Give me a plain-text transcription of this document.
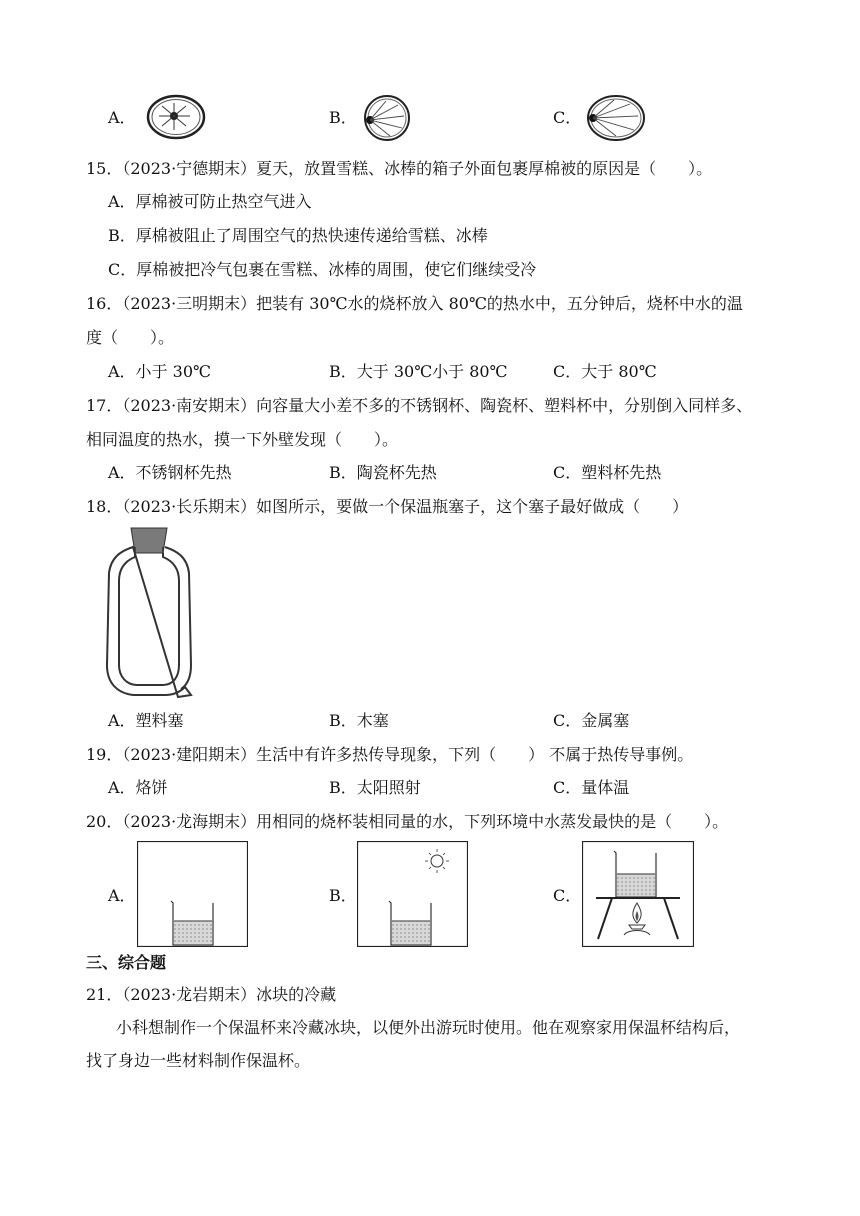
A．	B．	C．
15．（2023·宁德期末）夏天，放置雪糕、冰棒的箱子外面包裹厚棉被的原因是（　　）。
A．厚棉被可防止热空气进入
B．厚棉被阻止了周围空气的热快速传递给雪糕、冰棒
C．厚棉被把冷气包裹在雪糕、冰棒的周围，使它们继续受冷
16．（2023·三明期末）把装有 30℃水的烧杯放入 80℃的热水中，五分钟后，烧杯中水的温
度（　　）。
A．小于 30℃	B．大于 30℃小于 80℃	C．大于 80℃
17．（2023·南安期末）向容量大小差不多的不锈钢杯、陶瓷杯、塑料杯中，分别倒入同样多、
相同温度的热水，摸一下外壁发现（　　）。
A．不锈钢杯先热	B．陶瓷杯先热	C．塑料杯先热
18．（2023·长乐期末）如图所示，要做一个保温瓶塞子，这个塞子最好做成（　　）
A．塑料塞	B．木塞	C．金属塞
19．（2023·建阳期末）生活中有许多热传导现象，下列（　　） 不属于热传导事例。
A．烙饼	B．太阳照射	C．量体温
20．（2023·龙海期末）用相同的烧杯装相同量的水，下列环境中水蒸发最快的是（　　）。
A．	B．	C．
三、综合题
21．（2023·龙岩期末）冰块的冷藏
小科想制作一个保温杯来冷藏冰块，以便外出游玩时使用。他在观察家用保温杯结构后，
找了身边一些材料制作保温杯。
